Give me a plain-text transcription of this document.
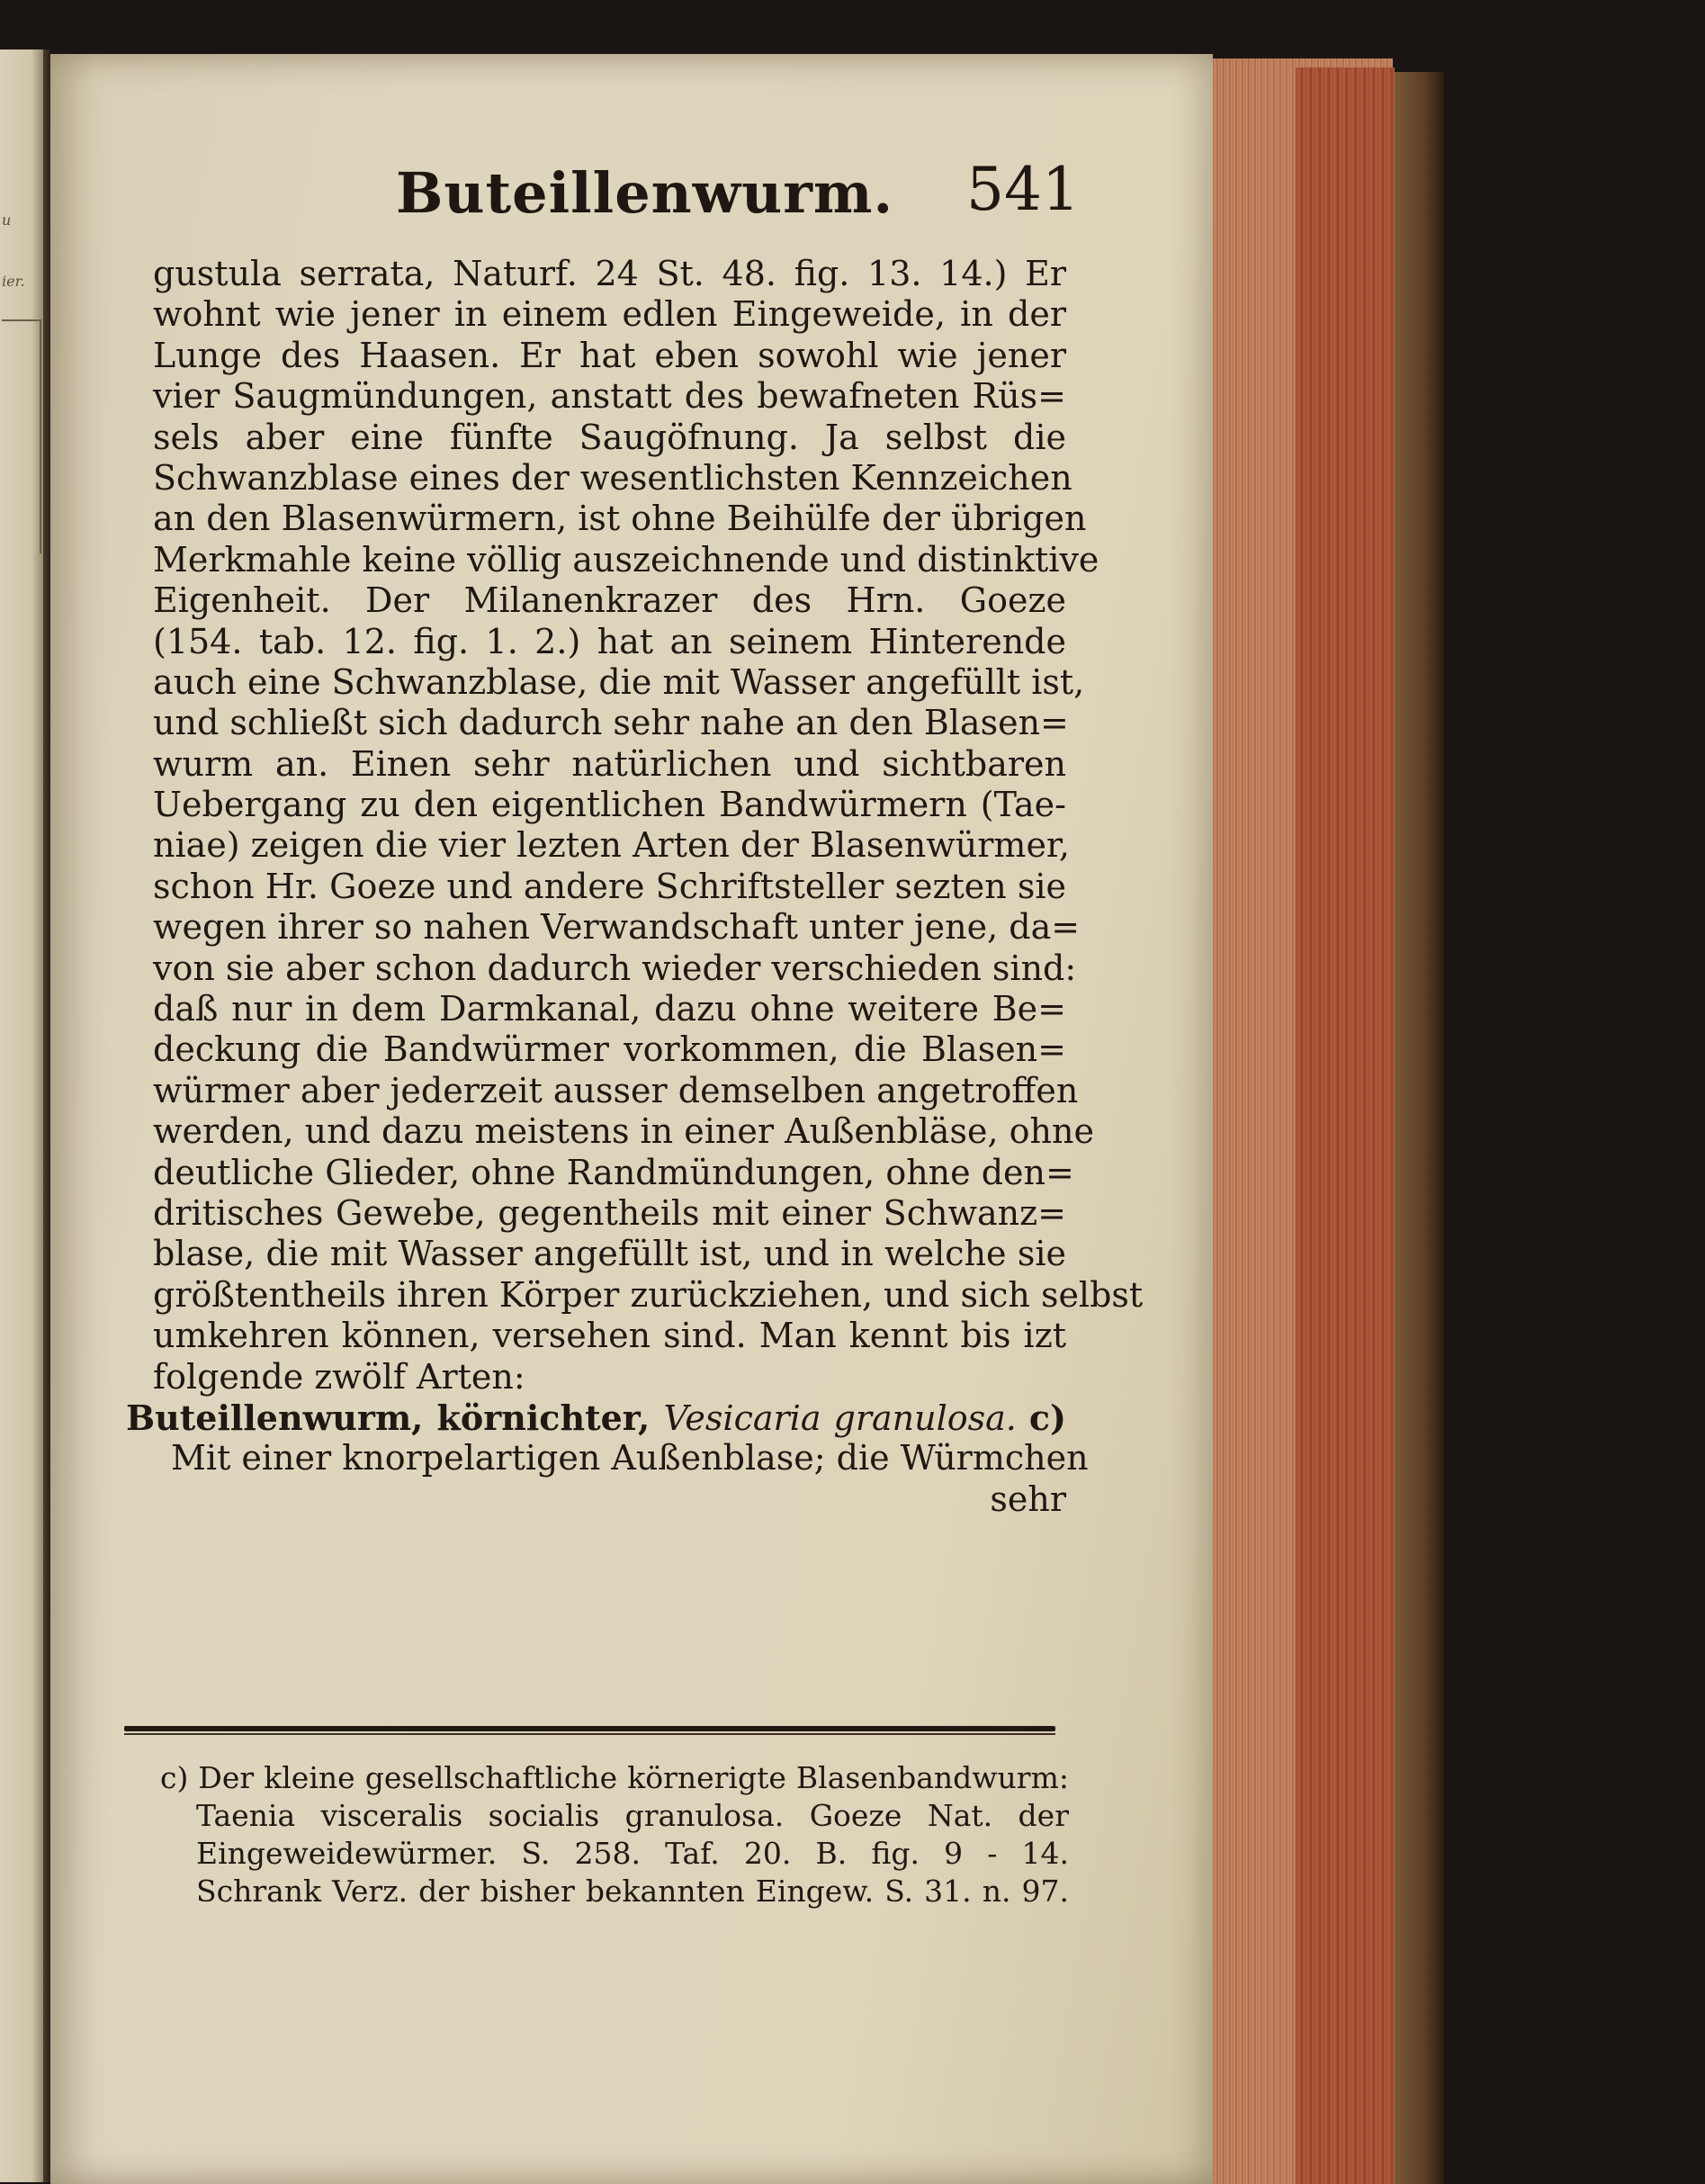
u
ier.
Buteillenwurm. 541
gustula serrata, Naturf. 24 St. 48. fig. 13. 14.) Er
wohnt wie jener in einem edlen Eingeweide, in der
Lunge des Haasen. Er hat eben sowohl wie jener
vier Saugmündungen, anstatt des bewafneten Rüs=
sels aber eine fünfte Saugöfnung. Ja selbst die
Schwanzblase eines der wesentlichsten Kennzeichen
an den Blasenwürmern, ist ohne Beihülfe der übrigen
Merkmahle keine völlig auszeichnende und distinktive
Eigenheit. Der Milanenkrazer des Hrn. Goeze
(154. tab. 12. fig. 1. 2.) hat an seinem Hinterende
auch eine Schwanzblase, die mit Wasser angefüllt ist,
und schließt sich dadurch sehr nahe an den Blasen=
wurm an. Einen sehr natürlichen und sichtbaren
Uebergang zu den eigentlichen Bandwürmern (Tae-
niae) zeigen die vier lezten Arten der Blasenwürmer,
schon Hr. Goeze und andere Schriftsteller sezten sie
wegen ihrer so nahen Verwandschaft unter jene, da=
von sie aber schon dadurch wieder verschieden sind:
daß nur in dem Darmkanal, dazu ohne weitere Be=
deckung die Bandwürmer vorkommen, die Blasen=
würmer aber jederzeit ausser demselben angetroffen
werden, und dazu meistens in einer Außenbläse, ohne
deutliche Glieder, ohne Randmündungen, ohne den=
dritisches Gewebe, gegentheils mit einer Schwanz=
blase, die mit Wasser angefüllt ist, und in welche sie
größtentheils ihren Körper zurückziehen, und sich selbst
umkehren können, versehen sind. Man kennt bis izt
folgende zwölf Arten:
Buteillenwurm, körnichter, Vesicaria granulosa. c)
Mit einer knorpelartigen Außenblase; die Würmchen
sehr
c) Der kleine gesellschaftliche körnerigte Blasenbandwurm:
Taenia visceralis socialis granulosa. Goeze Nat. der
Eingeweidewürmer. S. 258. Taf. 20. B. fig. 9 - 14.
Schrank Verz. der bisher bekannten Eingew. S. 31. n. 97.
